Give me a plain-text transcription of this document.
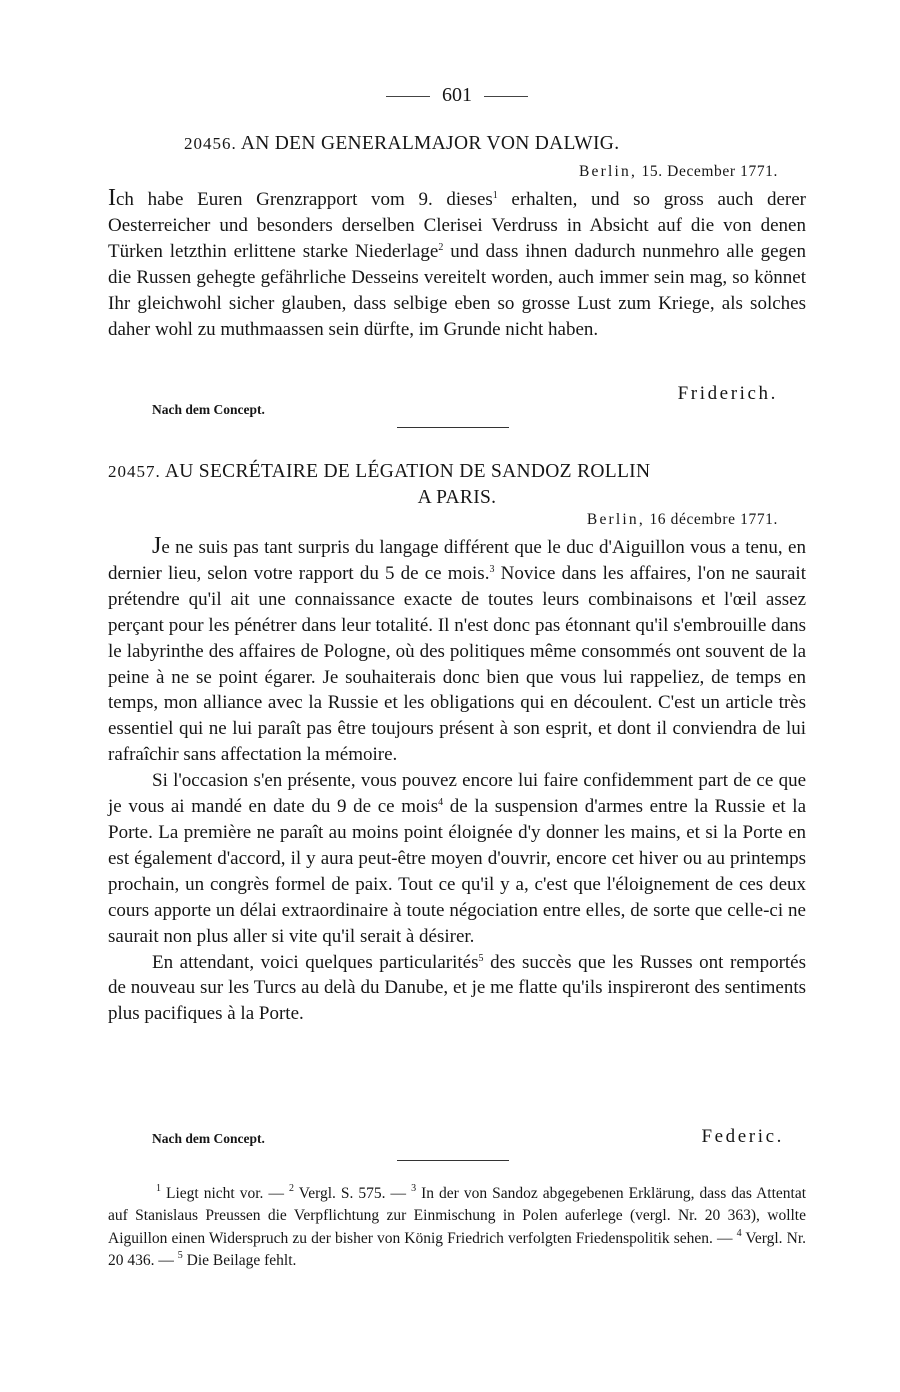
601
20456. AN DEN GENERALMAJOR VON DALWIG.
Berlin, 15. December 1771.

Ich habe Euren Grenzrapport vom 9. dieses$^1$ erhalten, und so gross auch derer Oesterreicher und besonders derselben Clerisei Verdruss in Absicht auf die von denen Türken letzthin erlittene starke Niederlage$^2$ und dass ihnen dadurch nunmehro alle gegen die Russen gehegte gefährliche Desseins vereitelt worden, auch immer sein mag, so könnet Ihr gleichwohl sicher glauben, dass selbige eben so grosse Lust zum Kriege, als solches daher wohl zu muthmaassen sein dürfte, im Grunde nicht haben.

Friderich.
Nach dem Concept.
20457. AU SECRÉTAIRE DE LÉGATION DE SANDOZ ROLLIN
A PARIS.
Berlin, 16 décembre 1771.

Je ne suis pas tant surpris du langage différent que le duc d'Aiguillon vous a tenu, en dernier lieu, selon votre rapport du 5 de ce mois.$^3$ Novice dans les affaires, l'on ne saurait prétendre qu'il ait une connaissance exacte de toutes leurs combinaisons et l'œil assez perçant pour les pénétrer dans leur totalité. Il n'est donc pas étonnant qu'il s'embrouille dans le labyrinthe des affaires de Pologne, où des politiques même consommés ont souvent de la peine à ne se point égarer. Je souhaiterais donc bien que vous lui rappeliez, de temps en temps, mon alliance avec la Russie et les obligations qui en découlent. C'est un article très essentiel qui ne lui paraît pas être toujours présent à son esprit, et dont il conviendra de lui rafraîchir sans affectation la mémoire.

Si l'occasion s'en présente, vous pouvez encore lui faire confidemment part de ce que je vous ai mandé en date du 9 de ce mois$^4$ de la suspension d'armes entre la Russie et la Porte. La première ne paraît au moins point éloignée d'y donner les mains, et si la Porte en est également d'accord, il y aura peut-être moyen d'ouvrir, encore cet hiver ou au printemps prochain, un congrès formel de paix. Tout ce qu'il y a, c'est que l'éloignement de ces deux cours apporte un délai extraordinaire à toute négociation entre elles, de sorte que celle-ci ne saurait non plus aller si vite qu'il serait à désirer.

En attendant, voici quelques particularités$^5$ des succès que les Russes ont remportés de nouveau sur les Turcs au delà du Danube, et je me flatte qu'ils inspireront des sentiments plus pacifiques à la Porte.

Nach dem Concept.	Federic.

$^1$ Liegt nicht vor. — $^2$ Vergl. S. 575. — $^3$ In der von Sandoz abgegebenen Erklärung, dass das Attentat auf Stanislaus Preussen die Verpflichtung zur Einmischung in Polen auferlege (vergl. Nr. 20 363), wollte Aiguillon einen Widerspruch zu der bisher von König Friedrich verfolgten Friedenspolitik sehen. — $^4$ Vergl. Nr. 20 436. — $^5$ Die Beilage fehlt.
